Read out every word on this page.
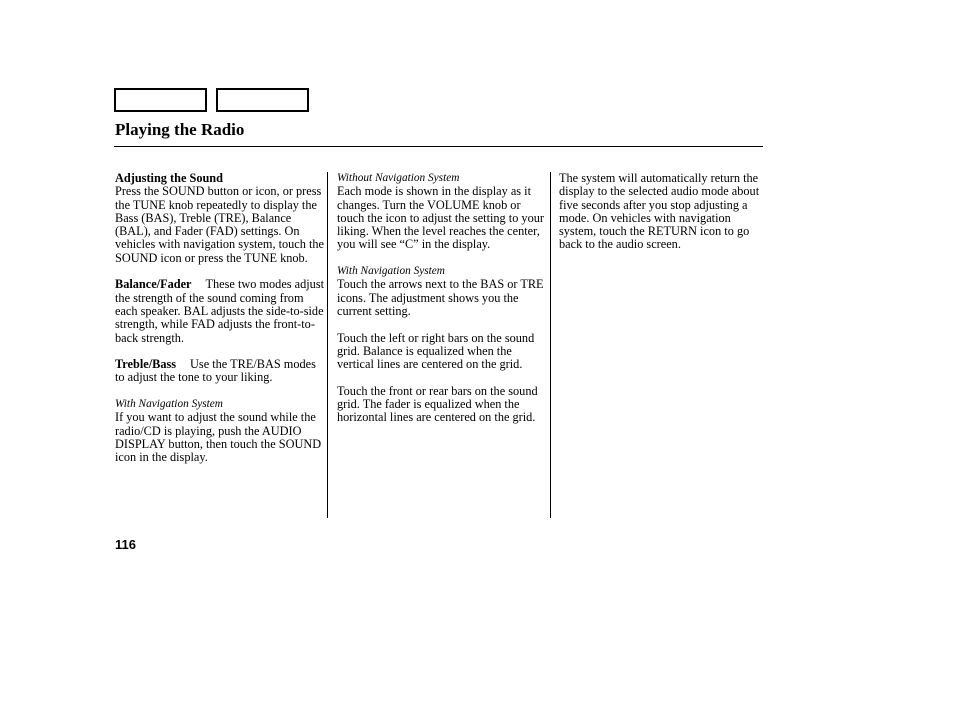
Playing the Radio
Adjusting the Sound

Press the SOUND button or icon, or press the TUNE knob repeatedly to display the Bass (BAS), Treble (TRE), Balance (BAL), and Fader (FAD) settings. On vehicles with navigation system, touch the SOUND icon or press the TUNE knob.

Balance/Fader These two modes adjust the strength of the sound coming from each speaker. BAL adjusts the side-to-side strength, while FAD adjusts the front-to-back strength.

Treble/Bass Use the TRE/BAS modes to adjust the tone to your liking.

With Navigation System

If you want to adjust the sound while the radio/CD is playing, push the AUDIO DISPLAY button, then touch the SOUND icon in the display.

Without Navigation System

Each mode is shown in the display as it changes. Turn the VOLUME knob or touch the icon to adjust the setting to your liking. When the level reaches the center, you will see “C” in the display.

With Navigation System

Touch the arrows next to the BAS or TRE icons. The adjustment shows you the current setting.

Touch the left or right bars on the sound grid. Balance is equalized when the vertical lines are centered on the grid.

Touch the front or rear bars on the sound grid. The fader is equalized when the horizontal lines are centered on the grid.

The system will automatically return the display to the selected audio mode about five seconds after you stop adjusting a mode. On vehicles with navigation system, touch the RETURN icon to go back to the audio screen.

116
